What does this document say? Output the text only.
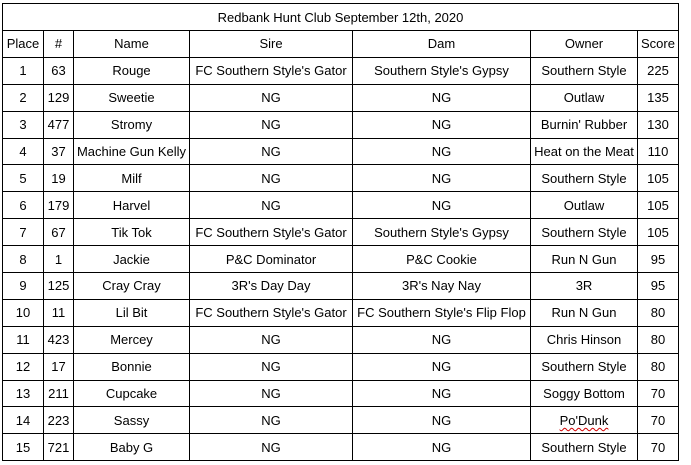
Redbank Hunt Club September 12th, 2020						
Place	#	Name	Sire	Dam	Owner	Score
1	63	Rouge	FC Southern Style's Gator	Southern Style's Gypsy	Southern Style	225
2	129	Sweetie	NG	NG	Outlaw	135
3	477	Stromy	NG	NG	Burnin' Rubber	130
4	37	Machine Gun Kelly	NG	NG	Heat on the Meat	110
5	19	Milf	NG	NG	Southern Style	105
6	179	Harvel	NG	NG	Outlaw	105
7	67	Tik Tok	FC Southern Style's Gator	Southern Style's Gypsy	Southern Style	105
8	1	Jackie	P&C Dominator	P&C Cookie	Run N Gun	95
9	125	Cray Cray	3R's Day Day	3R's Nay Nay	3R	95
10	11	Lil Bit	FC Southern Style's Gator	FC Southern Style's Flip Flop	Run N Gun	80
11	423	Mercey	NG	NG	Chris Hinson	80
12	17	Bonnie	NG	NG	Southern Style	80
13	211	Cupcake	NG	NG	Soggy Bottom	70
14	223	Sassy	NG	NG	Po'Dunk	70
15	721	Baby G	NG	NG	Southern Style	70
